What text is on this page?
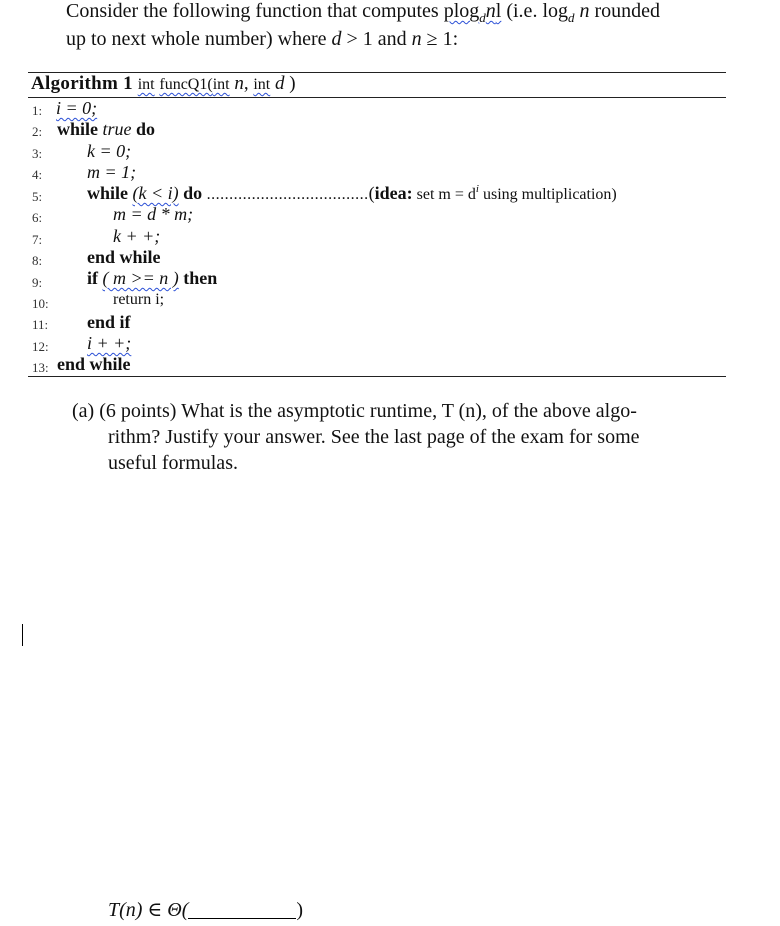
Consider the following function that computes plog$_d$nl (i.e. $\log_d n$ rounded
up to next whole number) where d > 1 and n ≥ 1:
Algorithm 1 int funcQ1(int n, int d )
1: i = 0;
2: while true do
3: k = 0;
4: m = 1;
5: while (k < i) do ....................................(idea: set $m = d^i$ using multiplication)
6:	m = d * m;
7:	k + +;
8: end while
9: if ( m >= n ) then
10:	return i;
11: end if
12: i + +;
13: end while
(a) (6 points) What is the asymptotic runtime, T (n), of the above algo-
rithm? Justify your answer. See the last page of the exam for some
useful formulas.
T(n) ∈ Θ(	)
